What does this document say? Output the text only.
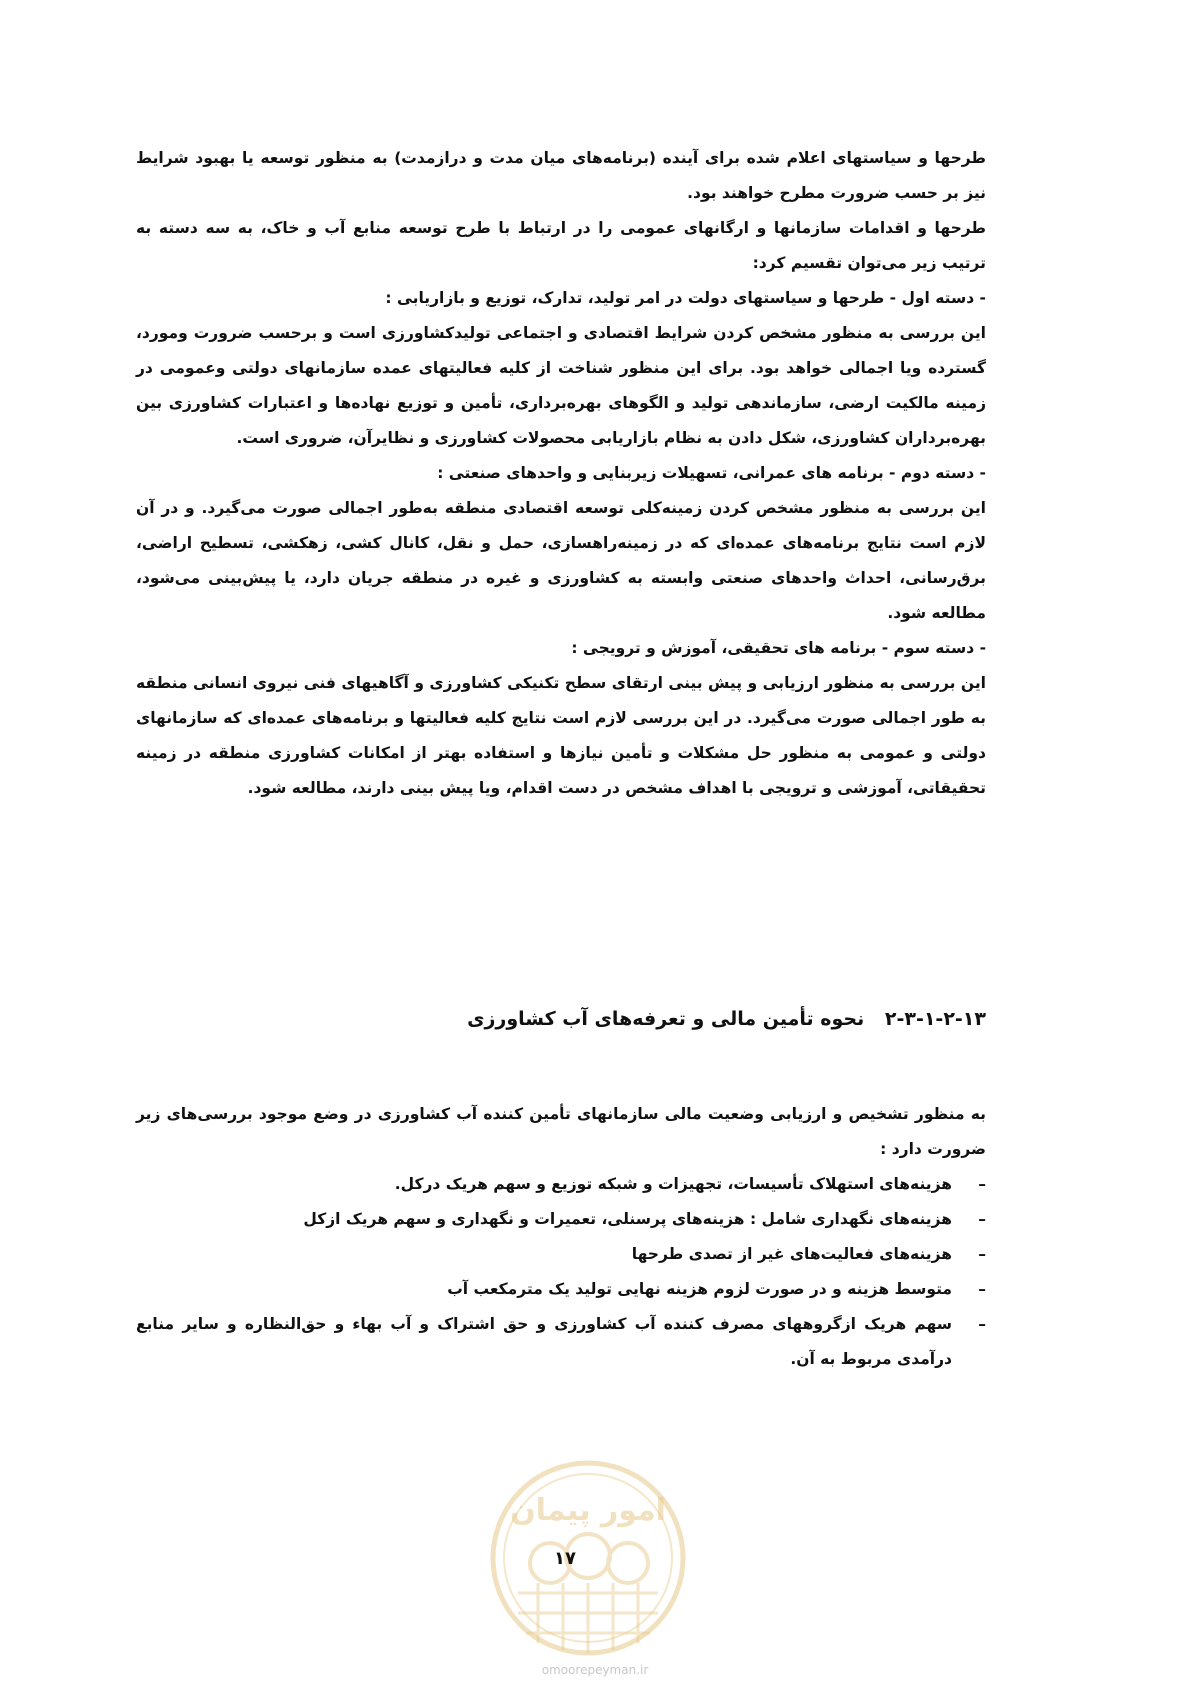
طرحها و سیاستهای اعلام شده برای آینده (برنامه‌های میان مدت و درازمدت) به منظور توسعه یا بهبود شرایط نیز بر حسب ضرورت مطرح خواهند بود.

طرحها و اقدامات سازمانها و ارگانهای عمومی را در ارتباط با طرح توسعه منابع آب و خاک، به سه دسته به ترتیب زیر می‌توان تقسیم کرد:

- دسته اول - طرحها و سیاستهای دولت در امر تولید، تدارک، توزیع و بازاریابی :

این بررسی به منظور مشخص کردن شرایط اقتصادی و اجتماعی تولیدکشاورزی است و برحسب ضرورت ومورد، گسترده ویا اجمالی خواهد بود. برای این منظور شناخت از کلیه فعالیتهای عمده سازمانهای دولتی وعمومی در زمینه مالکیت ارضی، سازماندهی تولید و الگوهای بهره‌برداری، تأمین و توزیع نهاده‌ها و اعتبارات کشاورزی بین بهره‌برداران کشاورزی، شکل دادن به نظام بازاریابی محصولات کشاورزی و نظایرآن، ضروری است.

- دسته دوم - برنامه های عمرانی، تسهیلات زیربنایی و واحدهای صنعتی :

این بررسی به منظور مشخص کردن زمینه‌کلی توسعه اقتصادی منطقه به‌طور اجمالی صورت می‌گیرد. و در آن لازم است نتایج برنامه‌های عمده‌ای که در زمینه‌راهسازی، حمل و نقل، کانال کشی، زهکشی، تسطیح اراضی، برق‌رسانی، احداث واحدهای صنعتی وابسته به کشاورزی و غیره در منطقه جریان دارد، یا پیش‌بینی می‌شود، مطالعه شود.

- دسته سوم - برنامه های تحقیقی، آموزش و ترویجی :

این بررسی به منظور ارزیابی و پیش بینی ارتقای سطح تکنیکی کشاورزی و آگاهیهای فنی نیروی انسانی منطقه به طور اجمالی صورت می‌گیرد. در این بررسی لازم است نتایج کلیه فعالیتها و برنامه‌های عمده‌ای که سازمانهای دولتی و عمومی به منظور حل مشکلات و تأمین نیازها و استفاده بهتر از امکانات کشاورزی منطقه در زمینه تحقیقاتی، آموزشی و ترویجی با اهداف مشخص در دست اقدام، ویا پیش بینی دارند، مطالعه شود.

۲-۳-۱-۲-۱۳ نحوه تأمین مالی و تعرفه‌های آب کشاورزی

به منظور تشخیص و ارزیابی وضعیت مالی سازمانهای تأمین کننده آب کشاورزی در وضع موجود بررسی‌های زیر ضرورت دارد :

–
هزینه‌های استهلاک تأسیسات، تجهیزات و شبکه توزیع و سهم هریک درکل.
–
هزینه‌های نگهداری شامل : هزینه‌های پرسنلی، تعمیرات و نگهداری و سهم هریک ازکل
–
هزینه‌های فعالیت‌های غیر از تصدی طرحها
–
متوسط هزینه و در صورت لزوم هزینه نهایی تولید یک مترمکعب آب
–
سهم هریک ازگروههای مصرف کننده آب کشاورزی و حق اشتراک و آب بهاء و حق‌النظاره و سایر منابع درآمدی مربوط به آن.
امور پیمان
۱۷
omoorepeyman.ir
